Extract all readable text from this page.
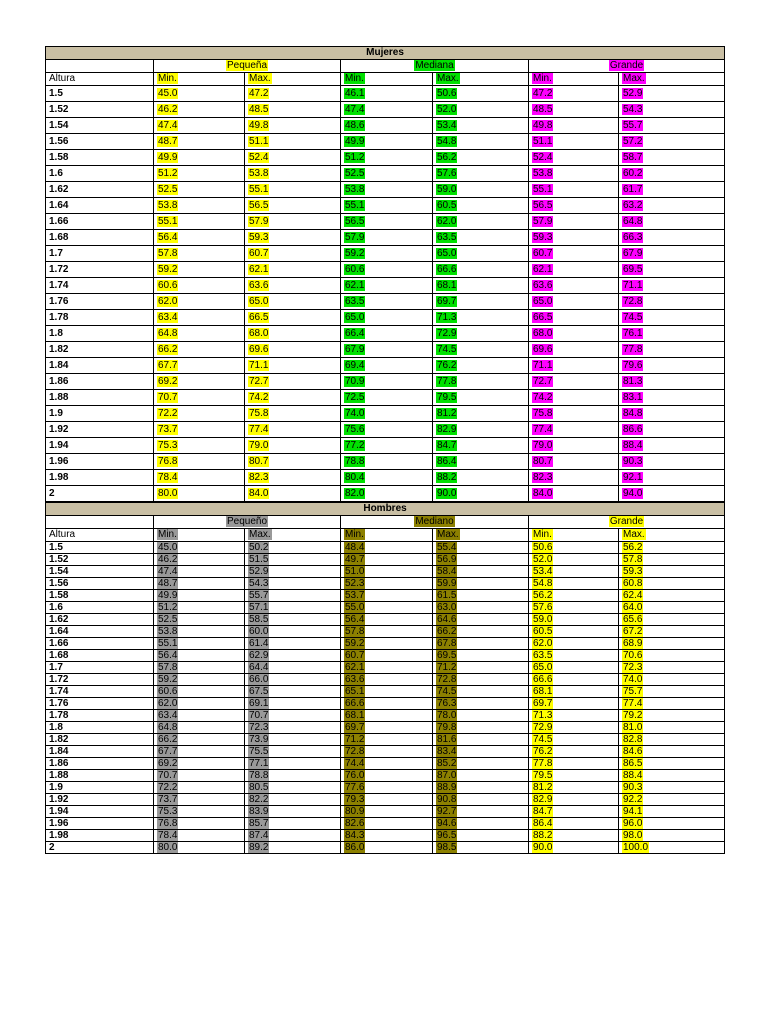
Mujeres						
	Pequeña		Mediana		Grande	
Altura	Min.	Max.	Min.	Max.	Min.	Max.
1.5	45.0	47.2	46.1	50.6	47.2	52.9
1.52	46.2	48.5	47.4	52.0	48.5	54.3
1.54	47.4	49.8	48.6	53.4	49.8	55.7
1.56	48.7	51.1	49.9	54.8	51.1	57.2
1.58	49.9	52.4	51.2	56.2	52.4	58.7
1.6	51.2	53.8	52.5	57.6	53.8	60.2
1.62	52.5	55.1	53.8	59.0	55.1	61.7
1.64	53.8	56.5	55.1	60.5	56.5	63.2
1.66	55.1	57.9	56.5	62.0	57.9	64.8
1.68	56.4	59.3	57.9	63.5	59.3	66.3
1.7	57.8	60.7	59.2	65.0	60.7	67.9
1.72	59.2	62.1	60.6	66.6	62.1	69.5
1.74	60.6	63.6	62.1	68.1	63.6	71.1
1.76	62.0	65.0	63.5	69.7	65.0	72.8
1.78	63.4	66.5	65.0	71.3	66.5	74.5
1.8	64.8	68.0	66.4	72.9	68.0	76.1
1.82	66.2	69.6	67.9	74.5	69.6	77.8
1.84	67.7	71.1	69.4	76.2	71.1	79.6
1.86	69.2	72.7	70.9	77.8	72.7	81.3
1.88	70.7	74.2	72.5	79.5	74.2	83.1
1.9	72.2	75.8	74.0	81.2	75.8	84.8
1.92	73.7	77.4	75.6	82.9	77.4	86.6
1.94	75.3	79.0	77.2	84.7	79.0	88.4
1.96	76.8	80.7	78.8	86.4	80.7	90.3
1.98	78.4	82.3	80.4	88.2	82.3	92.1
2	80.0	84.0	82.0	90.0	84.0	94.0
Hombres						
	Pequeño		Mediano		Grande	
Altura	Min.	Max.	Min.	Max.	Min.	Max.
1.5	45.0	50.2	48.4	55.4	50.6	56.2
1.52	46.2	51.5	49.7	56.9	52.0	57.8
1.54	47.4	52.9	51.0	58.4	53.4	59.3
1.56	48.7	54.3	52.3	59.9	54.8	60.8
1.58	49.9	55.7	53.7	61.5	56.2	62.4
1.6	51.2	57.1	55.0	63.0	57.6	64.0
1.62	52.5	58.5	56.4	64.6	59.0	65.6
1.64	53.8	60.0	57.8	66.2	60.5	67.2
1.66	55.1	61.4	59.2	67.8	62.0	68.9
1.68	56.4	62.9	60.7	69.5	63.5	70.6
1.7	57.8	64.4	62.1	71.2	65.0	72.3
1.72	59.2	66.0	63.6	72.8	66.6	74.0
1.74	60.6	67.5	65.1	74.5	68.1	75.7
1.76	62.0	69.1	66.6	76.3	69.7	77.4
1.78	63.4	70.7	68.1	78.0	71.3	79.2
1.8	64.8	72.3	69.7	79.8	72.9	81.0
1.82	66.2	73.9	71.2	81.6	74.5	82.8
1.84	67.7	75.5	72.8	83.4	76.2	84.6
1.86	69.2	77.1	74.4	85.2	77.8	86.5
1.88	70.7	78.8	76.0	87.0	79.5	88.4
1.9	72.2	80.5	77.6	88.9	81.2	90.3
1.92	73.7	82.2	79.3	90.8	82.9	92.2
1.94	75.3	83.9	80.9	92.7	84.7	94.1
1.96	76.8	85.7	82.6	94.6	86.4	96.0
1.98	78.4	87.4	84.3	96.5	88.2	98.0
2	80.0	89.2	86.0	98.5	90.0	100.0
